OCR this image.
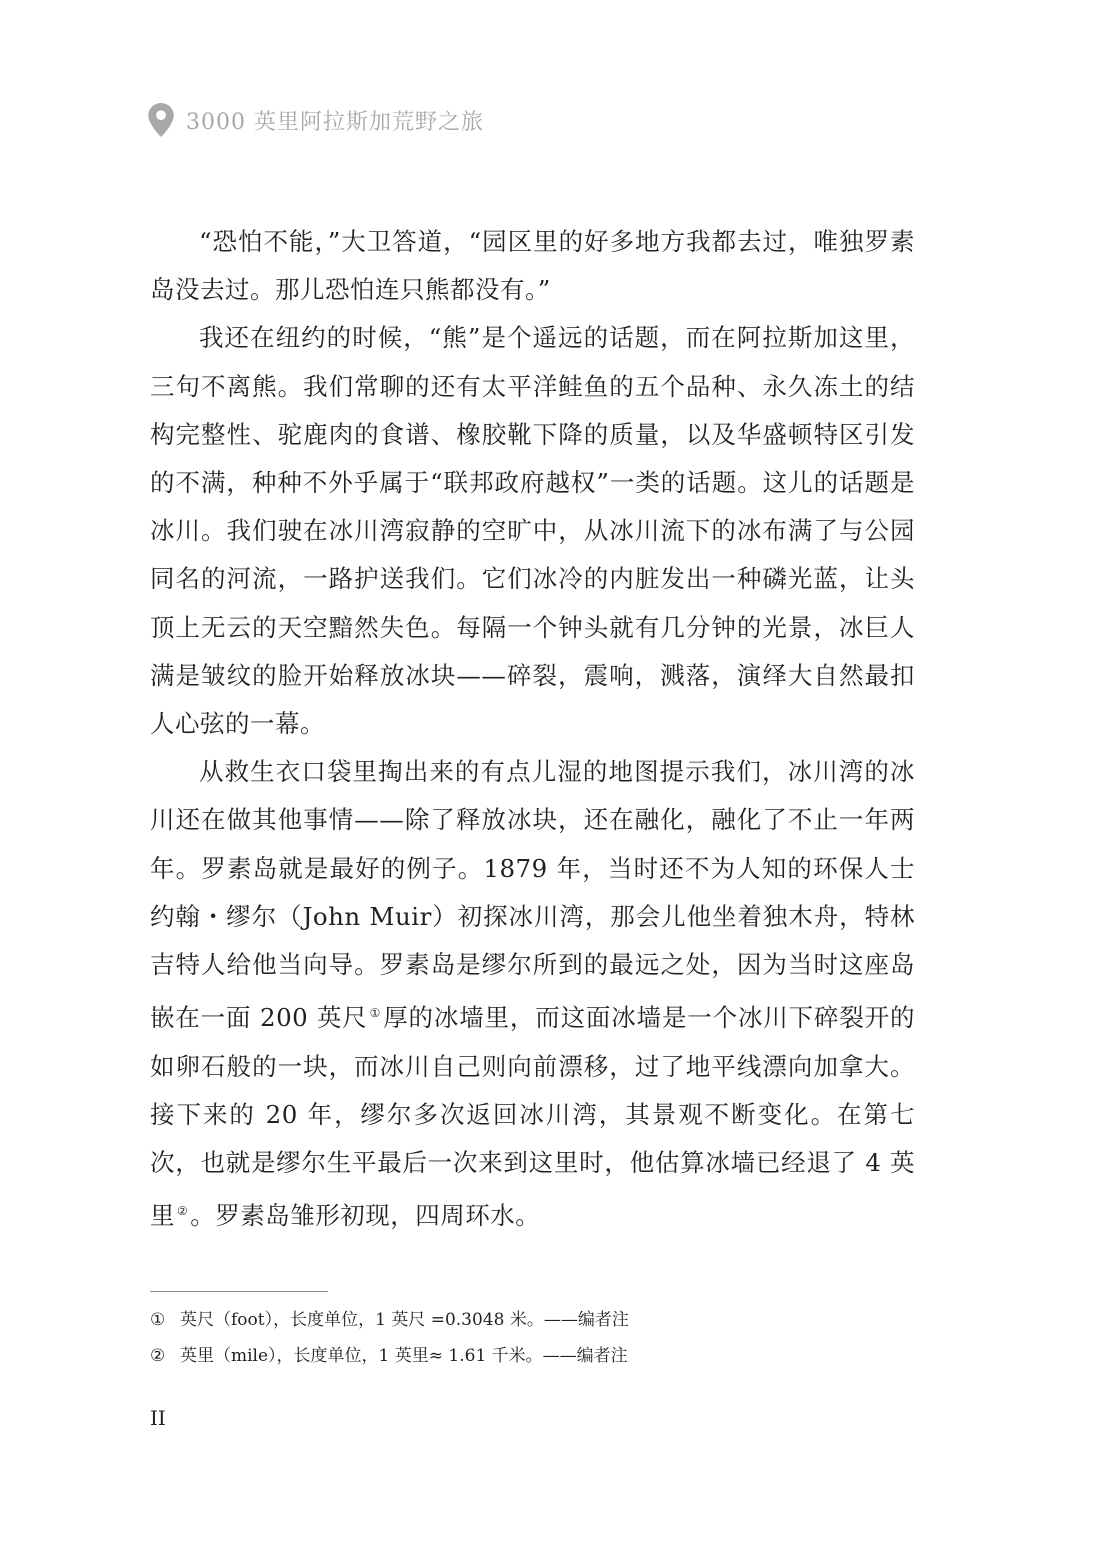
3000 英里阿拉斯加荒野之旅

“恐怕不能，”大卫答道，“园区里的好多地方我都去过，唯独罗素岛没去过。那儿恐怕连只熊都没有。”

我还在纽约的时候，“熊”是个遥远的话题，而在阿拉斯加这里，三句不离熊。我们常聊的还有太平洋鲑鱼的五个品种、永久冻土的结构完整性、驼鹿肉的食谱、橡胶靴下降的质量，以及华盛顿特区引发的不满，种种不外乎属于“联邦政府越权”一类的话题。这儿的话题是冰川。我们驶在冰川湾寂静的空旷中，从冰川流下的冰布满了与公园同名的河流，一路护送我们。它们冰冷的内脏发出一种磷光蓝，让头顶上无云的天空黯然失色。每隔一个钟头就有几分钟的光景，冰巨人满是皱纹的脸开始释放冰块——碎裂，震响，溅落，演绎大自然最扣人心弦的一幕。

从救生衣口袋里掏出来的有点儿湿的地图提示我们，冰川湾的冰川还在做其他事情——除了释放冰块，还在融化，融化了不止一年两年。罗素岛就是最好的例子。1879 年，当时还不为人知的环保人士约翰・缪尔（John Muir）初探冰川湾，那会儿他坐着独木舟，特林吉特人给他当向导。罗素岛是缪尔所到的最远之处，因为当时这座岛嵌在一面 200 英尺 ①厚的冰墙里，而这面冰墙是一个冰川下碎裂开的如卵石般的一块，而冰川自己则向前漂移，过了地平线漂向加拿大。接下来的 20 年，缪尔多次返回冰川湾，其景观不断变化。在第七次，也就是缪尔生平最后一次来到这里时，他估算冰墙已经退了 4 英里 ②。罗素岛雏形初现，四周环水。

① 英尺（foot），长度单位，1 英尺 =0.3048 米。——编者注
② 英里（mile），长度单位，1 英里≈ 1.61 千米。——编者注
II
